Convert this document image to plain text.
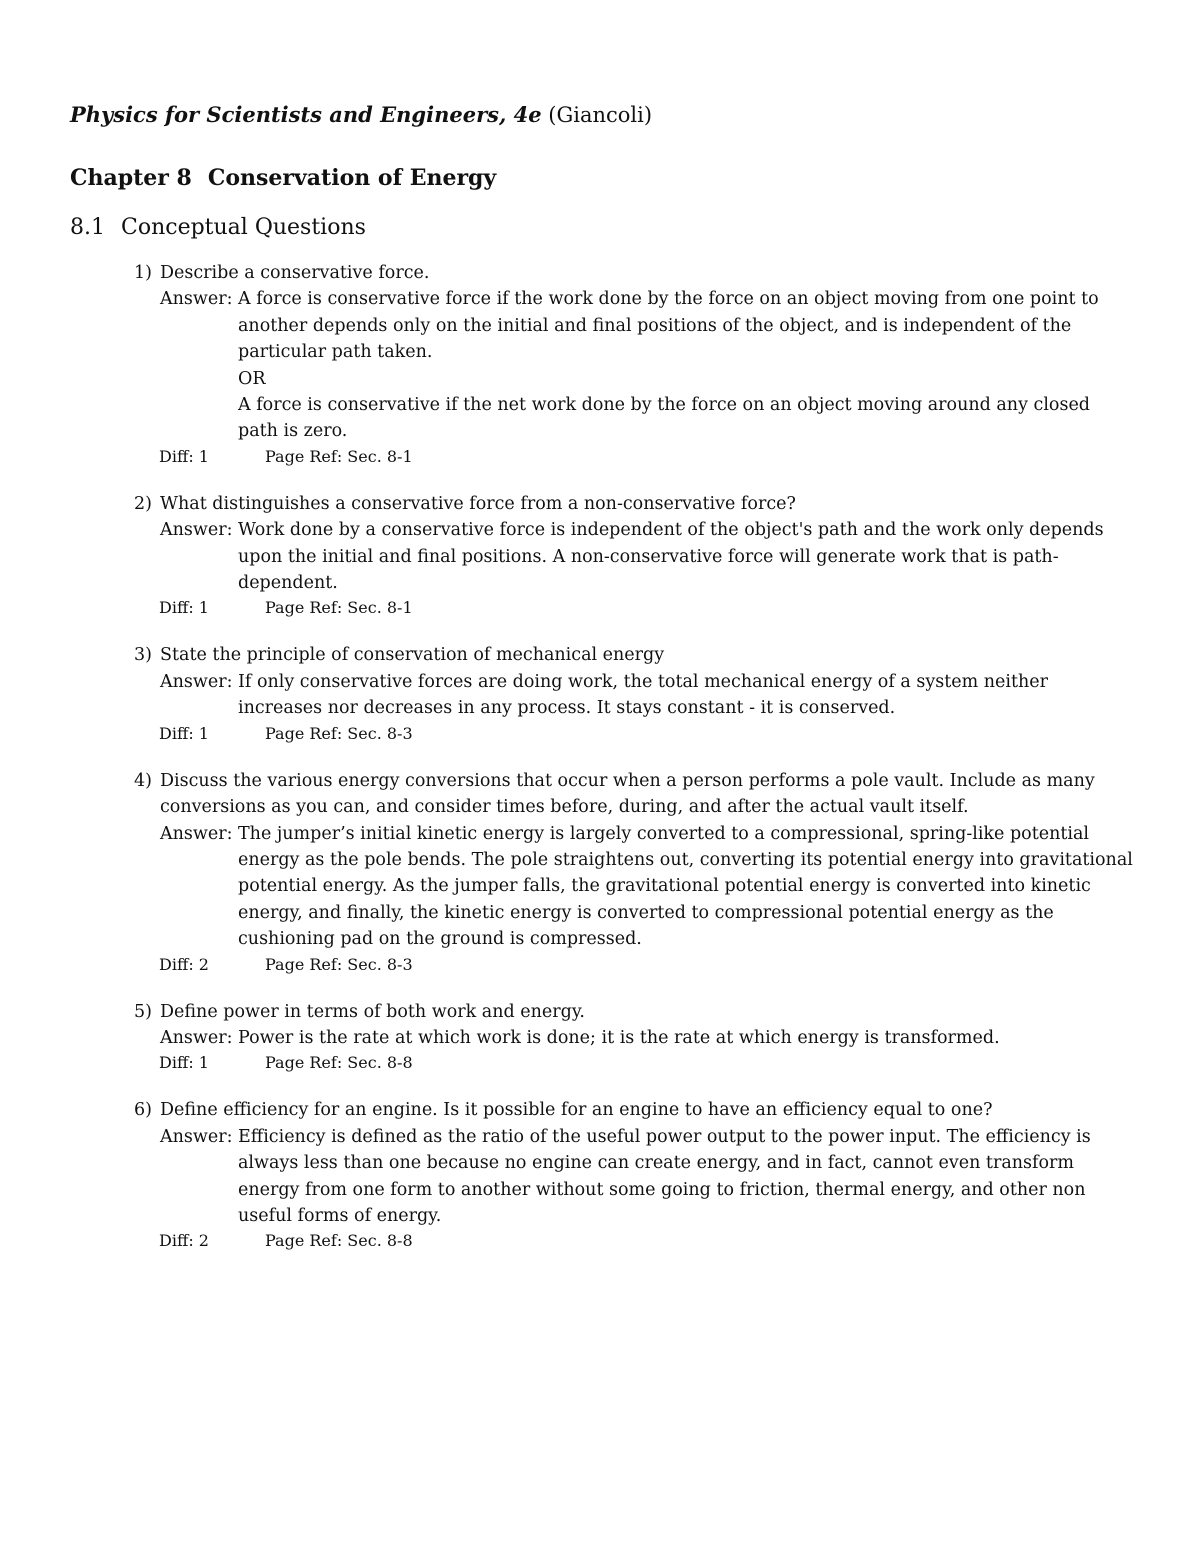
Physics for Scientists and Engineers, 4e (Giancoli)
Chapter 8 Conservation of Energy
8.1 Conceptual Questions
1) Describe a conservative force.
Answer: A force is conservative force if the work done by the force on an object moving from one point to another depends only on the initial and final positions of the object, and is independent of the particular path taken.

OR

A force is conservative if the net work done by the force on an object moving around any closed path is zero.

Diff: 1	Page Ref: Sec. 8-1
2) What distinguishes a conservative force from a non-conservative force?
Answer: Work done by a conservative force is independent of the object's path and the work only depends upon the initial and final positions. A non-conservative force will generate work that is path-dependent.

Diff: 1	Page Ref: Sec. 8-1
3) State the principle of conservation of mechanical energy
Answer: If only conservative forces are doing work, the total mechanical energy of a system neither increases nor decreases in any process. It stays constant - it is conserved.

Diff: 1	Page Ref: Sec. 8-3
4) Discuss the various energy conversions that occur when a person performs a pole vault. Include as many conversions as you can, and consider times before, during, and after the actual vault itself.
Answer: The jumper’s initial kinetic energy is largely converted to a compressional, spring-like potential energy as the pole bends. The pole straightens out, converting its potential energy into gravitational potential energy. As the jumper falls, the gravitational potential energy is converted into kinetic energy, and finally, the kinetic energy is converted to compressional potential energy as the cushioning pad on the ground is compressed.

Diff: 2	Page Ref: Sec. 8-3
5) Define power in terms of both work and energy.
Answer: Power is the rate at which work is done; it is the rate at which energy is transformed.

Diff: 1	Page Ref: Sec. 8-8
6) Define efficiency for an engine. Is it possible for an engine to have an efficiency equal to one?
Answer: Efficiency is defined as the ratio of the useful power output to the power input. The efficiency is always less than one because no engine can create energy, and in fact, cannot even transform energy from one form to another without some going to friction, thermal energy, and other non useful forms of energy.

Diff: 2	Page Ref: Sec. 8-8
